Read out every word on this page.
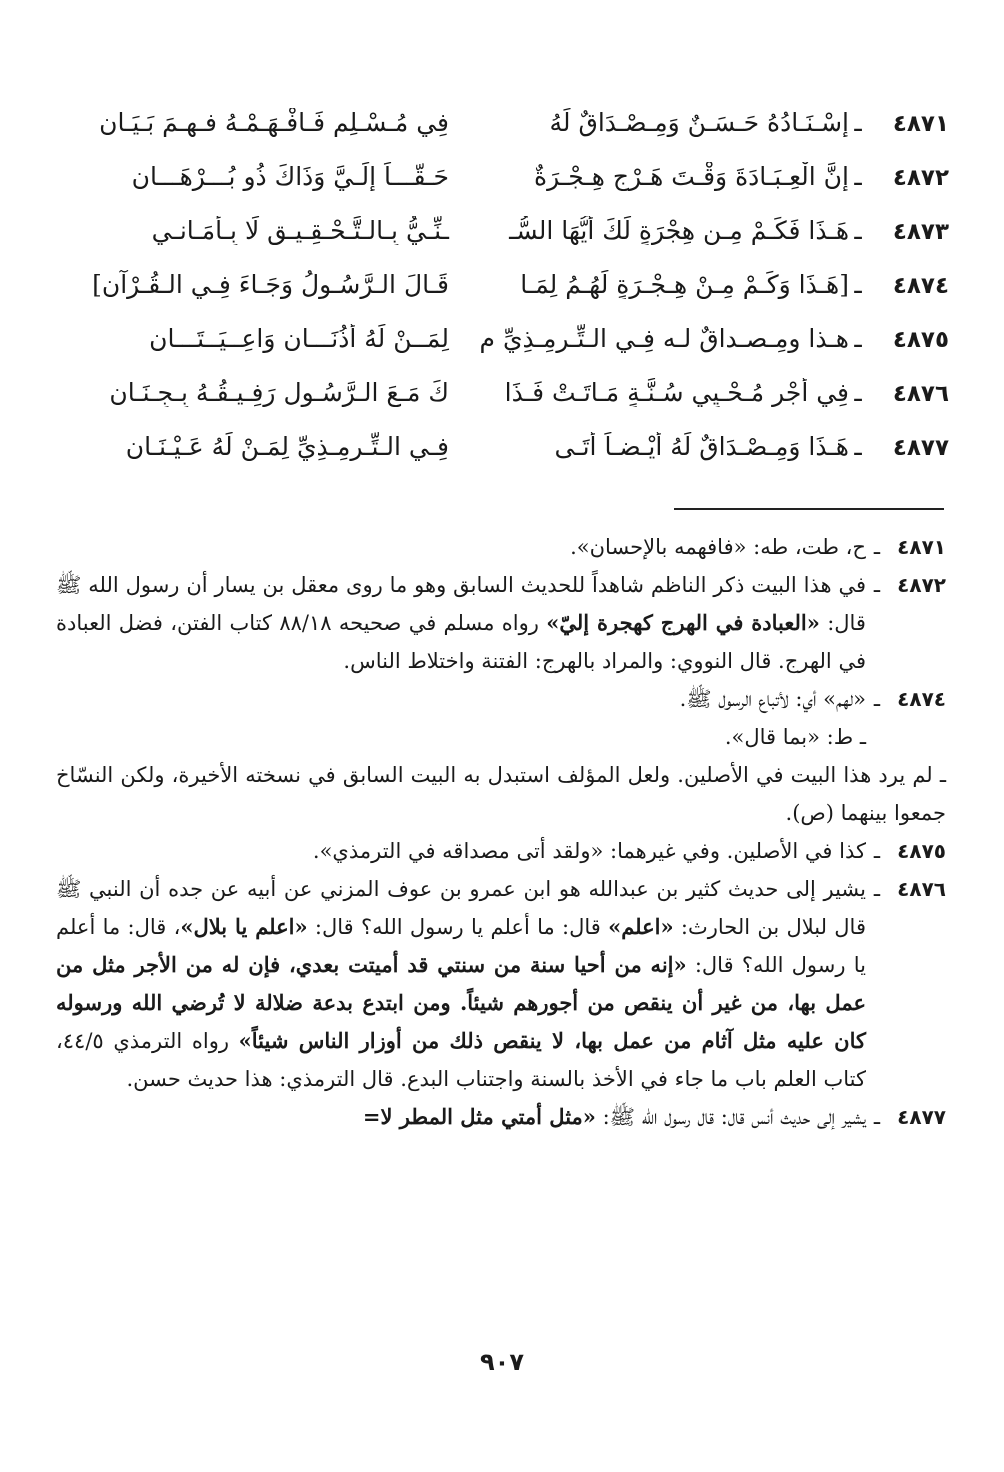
٤٨٧١
ـ
إسْـنَـادُهُ حَـسَـنٌ وَمِـصْـدَاقٌ لَهُ
فِي مُـسْـلِمٍ فَـافْـهَـمْـهُ فـهـمَ بَـيَـانِ
٤٨٧٢
ـ
إنَّ الْعِـبَـادَةَ وَقْـتَ هَـرْجٍ هِـجْـرَةٌ
حَـقّـــاً إلَـيَّ وَذَاكَ ذُو بُـــرْهَـــانِ
٤٨٧٣
ـ
هَـذَا فَكَـمْ مِـن هِجْرَةٍ لَكَ أيُّهَا السُّـ
ـنِّـيُّ بِـالـتَّـحْـقِـيـقِ لَا بِـأَمَـانـي
٤٨٧٤
ـ
[هَـذَا وَكَـمْ مِـنْ هِـجْـرَةٍ لَهُـمُ لِمَـا
قَـالَ الـرَّسُـولُ وَجَـاءَ فِـي الـقُـرْآنِ]
٤٨٧٥
ـ
هـذا ومِـصـداقٌ لـه فِـي الـتِّـرمِـذِيِّ م
لِمَــنْ لَهُ أُذُنَـــانِ وَاعِــيَــتَـــانِ
٤٨٧٦
ـ
فِي أجْرِ مُـحْـيِي سُـنَّـةٍ مَـاتَـتْ فَـذَا
كَ مَـعَ الـرَّسُـولِ رَفِـيـقُـهُ بِـجِـنَـانِ
٤٨٧٧
ـ
هَـذَا وَمِـصْـدَاقٌ لَهُ أيْـضـاً أتَـى
فِـي الـتِّـرمِـذِيِّ لِمَـنْ لَهُ عَـيْـنَـانِ
٤٨٧١
ـ
ح، طت، طه: «فافهمه بالإحسان».
٤٨٧٢
ـ
في هذا البيت ذكر الناظم شاهداً للحديث السابق وهو ما روى معقل بن يسار أن رسول الله ﷺ قال: «العبادة في الهرج كهجرة إليّ» رواه مسلم في صحيحه ٨٨/١٨ كتاب الفتن، فضل العبادة في الهرج. قال النووي: والمراد بالهرج: الفتنة واختلاط الناس.
٤٨٧٤
ـ
«لهم» أي: لأتباع الرسول ﷺ.
ـ ط: «بما قال».
ـ لم يرد هذا البيت في الأصلين. ولعل المؤلف استبدل به البيت السابق في نسخته الأخيرة، ولكن النسّاخ جمعوا بينهما (ص).
٤٨٧٥
ـ
كذا في الأصلين. وفي غيرهما: «ولقد أتى مصداقه في الترمذي».
٤٨٧٦
ـ
يشير إلى حديث كثير بن عبدالله هو ابن عمرو بن عوف المزني عن أبيه عن جده أن النبي ﷺ قال لبلال بن الحارث: «اعلم» قال: ما أعلم يا رسول الله؟ قال: «اعلم يا بلال»، قال: ما أعلم يا رسول الله؟ قال: «إنه من أحيا سنة من سنتي قد أميتت بعدي، فإن له من الأجر مثل من عمل بها، من غير أن ينقص من أجورهم شيئاً. ومن ابتدع بدعة ضلالة لا تُرضي الله ورسوله كان عليه مثل آثام من عمل بها، لا ينقص ذلك من أوزار الناس شيئاً» رواه الترمذي ٤٤/٥، كتاب العلم باب ما جاء في الأخذ بالسنة واجتناب البدع. قال الترمذي: هذا حديث حسن.
٤٨٧٧
ـ
يشير إلى حديث أنس قال: قال رسول الله ﷺ: «مثل أمتي مثل المطر لا=
٩٠٧
